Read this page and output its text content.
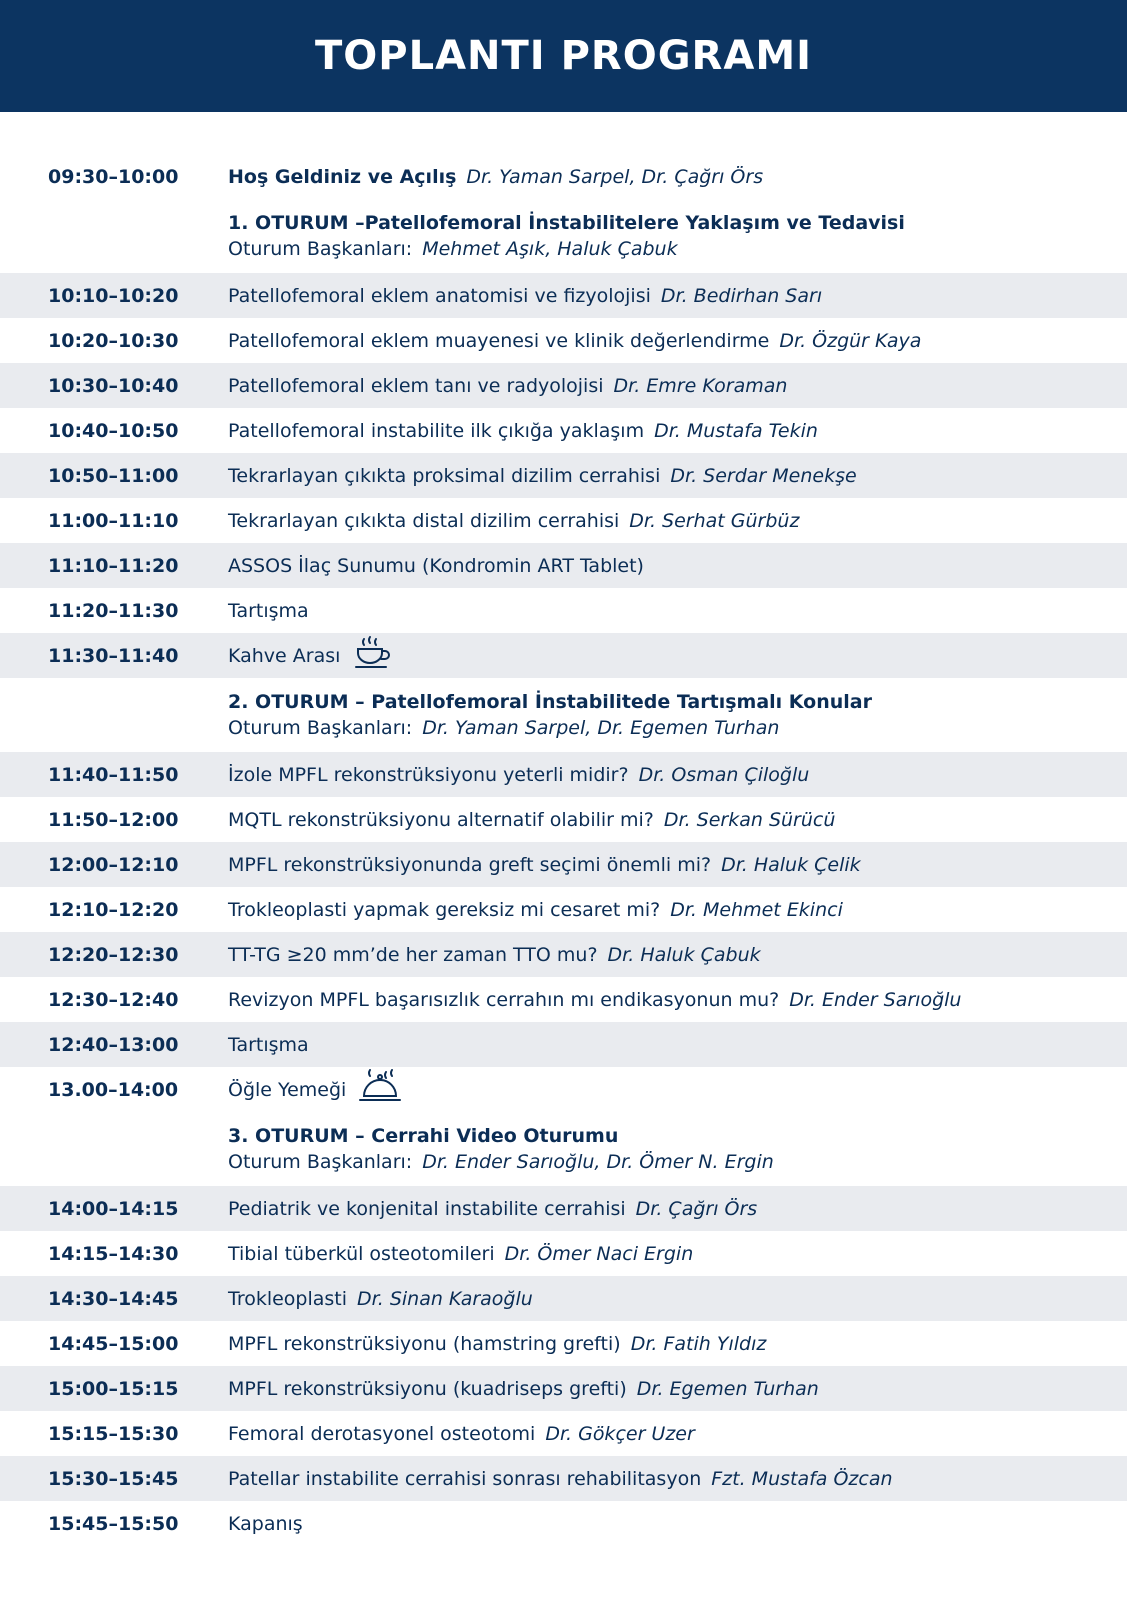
TOPLANTI PROGRAMI
09:30–10:00	Hoş Geldiniz ve Açılış Dr. Yaman Sarpel, Dr. Çağrı Örs
1. OTURUM –Patellofemoral İnstabilitelere Yaklaşım ve Tedavisi
Oturum Başkanları: Mehmet Aşık, Haluk Çabuk
10:10–10:20	Patellofemoral eklem anatomisi ve fizyolojisi Dr. Bedirhan Sarı
10:20–10:30	Patellofemoral eklem muayenesi ve klinik değerlendirme Dr. Özgür Kaya
10:30–10:40	Patellofemoral eklem tanı ve radyolojisi Dr. Emre Koraman
10:40–10:50	Patellofemoral instabilite ilk çıkığa yaklaşım Dr. Mustafa Tekin
10:50–11:00	Tekrarlayan çıkıkta proksimal dizilim cerrahisi Dr. Serdar Menekşe
11:00–11:10	Tekrarlayan çıkıkta distal dizilim cerrahisi Dr. Serhat Gürbüz
11:10–11:20	ASSOS İlaç Sunumu (Kondromin ART Tablet)
11:20–11:30	Tartışma
11:30–11:40	Kahve Arası
2. OTURUM – Patellofemoral İnstabilitede Tartışmalı Konular
Oturum Başkanları: Dr. Yaman Sarpel, Dr. Egemen Turhan
11:40–11:50	İzole MPFL rekonstrüksiyonu yeterli midir? Dr. Osman Çiloğlu
11:50–12:00	MQTL rekonstrüksiyonu alternatif olabilir mi? Dr. Serkan Sürücü
12:00–12:10	MPFL rekonstrüksiyonunda greft seçimi önemli mi? Dr. Haluk Çelik
12:10–12:20	Trokleoplasti yapmak gereksiz mi cesaret mi? Dr. Mehmet Ekinci
12:20–12:30	TT-TG ≥20 mm’de her zaman TTO mu? Dr. Haluk Çabuk
12:30–12:40	Revizyon MPFL başarısızlık cerrahın mı endikasyonun mu? Dr. Ender Sarıoğlu
12:40–13:00	Tartışma
13.00–14:00	Öğle Yemeği
3. OTURUM – Cerrahi Video Oturumu
Oturum Başkanları: Dr. Ender Sarıoğlu, Dr. Ömer N. Ergin
14:00–14:15	Pediatrik ve konjenital instabilite cerrahisi Dr. Çağrı Örs
14:15–14:30	Tibial tüberkül osteotomileri Dr. Ömer Naci Ergin
14:30–14:45	Trokleoplasti Dr. Sinan Karaoğlu
14:45–15:00	MPFL rekonstrüksiyonu (hamstring grefti) Dr. Fatih Yıldız
15:00–15:15	MPFL rekonstrüksiyonu (kuadriseps grefti) Dr. Egemen Turhan
15:15–15:30	Femoral derotasyonel osteotomi Dr. Gökçer Uzer
15:30–15:45	Patellar instabilite cerrahisi sonrası rehabilitasyon Fzt. Mustafa Özcan
15:45–15:50	Kapanış
